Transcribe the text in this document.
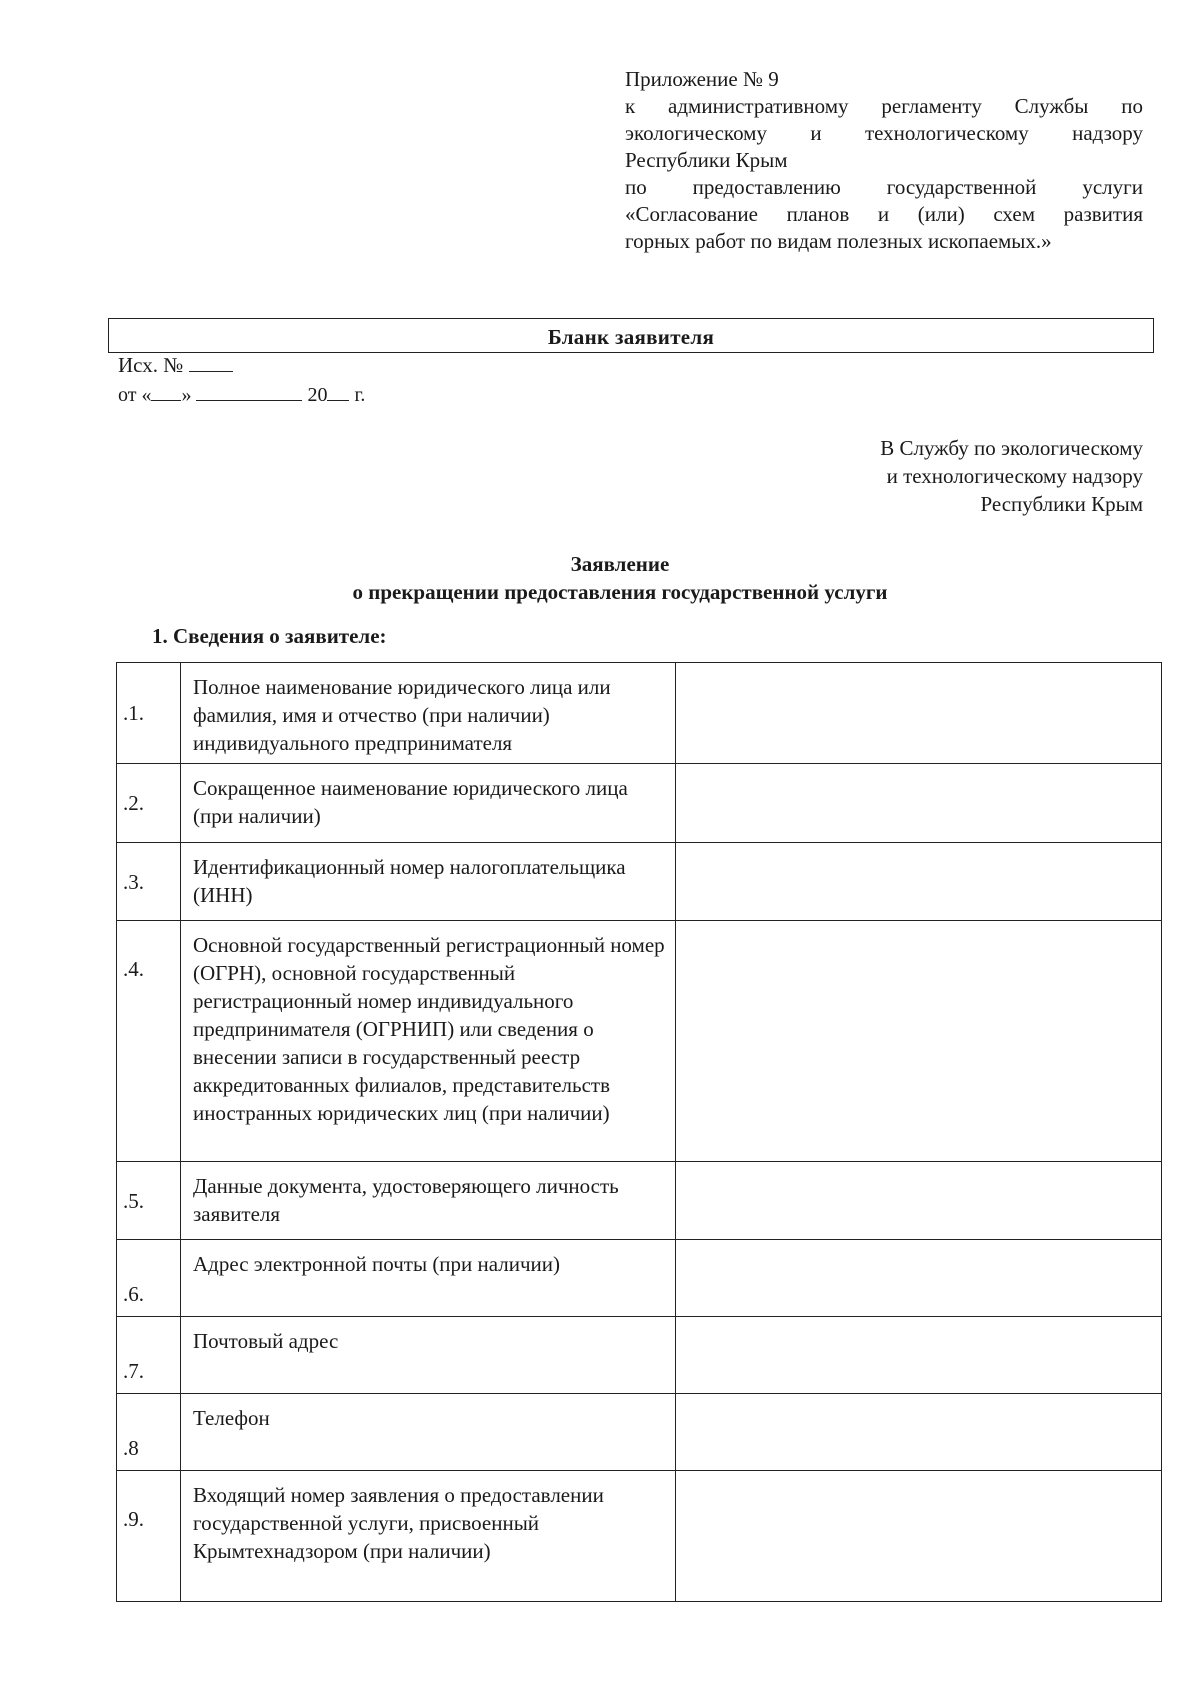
Приложение № 9
к административному регламенту Службы по
экологическому и технологическому надзору
Республики Крым
по предоставлению государственной услуги
«Согласование планов и (или) схем развития
горных работ по видам полезных ископаемых.»
Бланк заявителя
Исх. №
от « »	20 г.
В Службу по экологическому
и технологическому надзору
Республики Крым
Заявление
о прекращении предоставления государственной услуги
1. Сведения о заявителе:
.1.	Полное наименование юридического лица или фамилия, имя и отчество (при наличии) индивидуального предпринимателя	
.2.	Сокращенное наименование юридического лица (при наличии)	
.3.	Идентификационный номер налогоплательщика (ИНН)	
.4.	Основной государственный регистрационный номер (ОГРН), основной государственный регистрационный номер индивидуального предпринимателя (ОГРНИП) или сведения о внесении записи в государственный реестр аккредитованных филиалов, представительств иностранных юридических лиц (при наличии)	
.5.	Данные документа, удостоверяющего личность заявителя	
.6.	Адрес электронной почты (при наличии)	
.7.	Почтовый адрес	
.8	Телефон	
.9.	Входящий номер заявления о предоставлении государственной услуги, присвоенный Крымтехнадзором (при наличии)	
